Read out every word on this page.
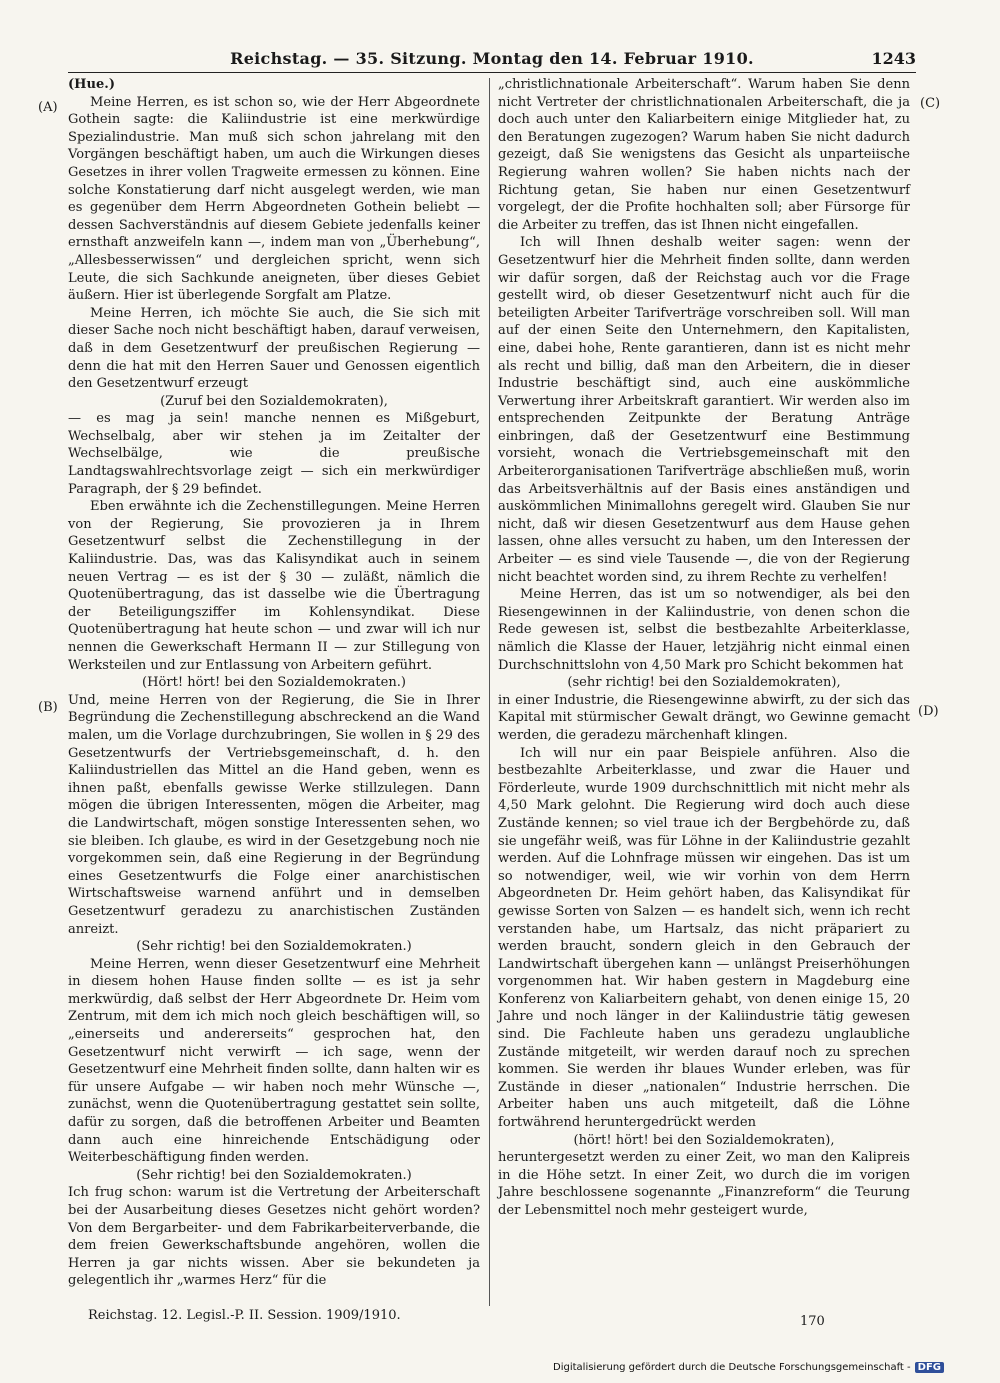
Reichstag. — 35. Sitzung. Montag den 14. Februar 1910.	1243
(A)
(B)
(C)
(D)

(Hue.)

Meine Herren, es ist schon so, wie der Herr Abgeordnete Gothein sagte: die Kaliindustrie ist eine merkwürdige Spezialindustrie. Man muß sich schon jahrelang mit den Vorgängen beschäftigt haben, um auch die Wirkungen dieses Gesetzes in ihrer vollen Tragweite ermessen zu können. Eine solche Konstatierung darf nicht ausgelegt werden, wie man es gegenüber dem Herrn Abgeordneten Gothein beliebt — dessen Sachverständnis auf diesem Gebiete jedenfalls keiner ernsthaft anzweifeln kann —, indem man von „Überhebung“, „Allesbesserwissen“ und dergleichen spricht, wenn sich Leute, die sich Sachkunde aneigneten, über dieses Gebiet äußern. Hier ist überlegende Sorgfalt am Platze.

Meine Herren, ich möchte Sie auch, die Sie sich mit dieser Sache noch nicht beschäftigt haben, darauf verweisen, daß in dem Gesetzentwurf der preußischen Regierung — denn die hat mit den Herren Sauer und Genossen eigentlich den Gesetzentwurf erzeugt

(Zuruf bei den Sozialdemokraten),

— es mag ja sein! manche nennen es Mißgeburt, Wechselbalg, aber wir stehen ja im Zeitalter der Wechselbälge, wie die preußische Landtagswahlrechtsvorlage zeigt — sich ein merkwürdiger Paragraph, der § 29 befindet.

Eben erwähnte ich die Zechenstillegungen. Meine Herren von der Regierung, Sie provozieren ja in Ihrem Gesetzentwurf selbst die Zechenstillegung in der Kaliindustrie. Das, was das Kalisyndikat auch in seinem neuen Vertrag — es ist der § 30 — zuläßt, nämlich die Quotenübertragung, das ist dasselbe wie die Übertragung der Beteiligungsziffer im Kohlensyndikat. Diese Quotenübertragung hat heute schon — und zwar will ich nur nennen die Gewerkschaft Hermann II — zur Stillegung von Werksteilen und zur Entlassung von Arbeitern geführt.

(Hört! hört! bei den Sozialdemokraten.)

Und, meine Herren von der Regierung, die Sie in Ihrer Begründung die Zechenstillegung abschreckend an die Wand malen, um die Vorlage durchzubringen, Sie wollen in § 29 des Gesetzentwurfs der Vertriebsgemeinschaft, d. h. den Kaliindustriellen das Mittel an die Hand geben, wenn es ihnen paßt, ebenfalls gewisse Werke stillzulegen. Dann mögen die übrigen Interessenten, mögen die Arbeiter, mag die Landwirtschaft, mögen sonstige Interessenten sehen, wo sie bleiben. Ich glaube, es wird in der Gesetzgebung noch nie vorgekommen sein, daß eine Regierung in der Begründung eines Gesetzentwurfs die Folge einer anarchistischen Wirtschaftsweise warnend anführt und in demselben Gesetzentwurf geradezu zu anarchistischen Zuständen anreizt.

(Sehr richtig! bei den Sozialdemokraten.)

Meine Herren, wenn dieser Gesetzentwurf eine Mehrheit in diesem hohen Hause finden sollte — es ist ja sehr merkwürdig, daß selbst der Herr Abgeordnete Dr. Heim vom Zentrum, mit dem ich mich noch gleich beschäftigen will, so „einerseits und andererseits“ gesprochen hat, den Gesetzentwurf nicht verwirft — ich sage, wenn der Gesetzentwurf eine Mehrheit finden sollte, dann halten wir es für unsere Aufgabe — wir haben noch mehr Wünsche —, zunächst, wenn die Quotenübertragung gestattet sein sollte, dafür zu sorgen, daß die betroffenen Arbeiter und Beamten dann auch eine hinreichende Entschädigung oder Weiterbeschäftigung finden werden.

(Sehr richtig! bei den Sozialdemokraten.)

Ich frug schon: warum ist die Vertretung der Arbeiterschaft bei der Ausarbeitung dieses Gesetzes nicht gehört worden? Von dem Bergarbeiter- und dem Fabrikarbeiterverbande, die dem freien Gewerkschaftsbunde angehören, wollen die Herren ja gar nichts wissen. Aber sie bekundeten ja gelegentlich ihr „warmes Herz“ für die

„christlichnationale Arbeiterschaft“. Warum haben Sie denn nicht Vertreter der christlichnationalen Arbeiterschaft, die ja doch auch unter den Kaliarbeitern einige Mitglieder hat, zu den Beratungen zugezogen? Warum haben Sie nicht dadurch gezeigt, daß Sie wenigstens das Gesicht als unparteiische Regierung wahren wollen? Sie haben nichts nach der Richtung getan, Sie haben nur einen Gesetzentwurf vorgelegt, der die Profite hochhalten soll; aber Fürsorge für die Arbeiter zu treffen, das ist Ihnen nicht eingefallen.

Ich will Ihnen deshalb weiter sagen: wenn der Gesetzentwurf hier die Mehrheit finden sollte, dann werden wir dafür sorgen, daß der Reichstag auch vor die Frage gestellt wird, ob dieser Gesetzentwurf nicht auch für die beteiligten Arbeiter Tarifverträge vorschreiben soll. Will man auf der einen Seite den Unternehmern, den Kapitalisten, eine, dabei hohe, Rente garantieren, dann ist es nicht mehr als recht und billig, daß man den Arbeitern, die in dieser Industrie beschäftigt sind, auch eine auskömmliche Verwertung ihrer Arbeitskraft garantiert. Wir werden also im entsprechenden Zeitpunkte der Beratung Anträge einbringen, daß der Gesetzentwurf eine Bestimmung vorsieht, wonach die Vertriebsgemeinschaft mit den Arbeiterorganisationen Tarifverträge abschließen muß, worin das Arbeitsverhältnis auf der Basis eines anständigen und auskömmlichen Minimallohns geregelt wird. Glauben Sie nur nicht, daß wir diesen Gesetzentwurf aus dem Hause gehen lassen, ohne alles versucht zu haben, um den Interessen der Arbeiter — es sind viele Tausende —, die von der Regierung nicht beachtet worden sind, zu ihrem Rechte zu verhelfen!

Meine Herren, das ist um so notwendiger, als bei den Riesengewinnen in der Kaliindustrie, von denen schon die Rede gewesen ist, selbst die bestbezahlte Arbeiterklasse, nämlich die Klasse der Hauer, letzjährig nicht einmal einen Durchschnittslohn von 4,50 Mark pro Schicht bekommen hat

(sehr richtig! bei den Sozialdemokraten),

in einer Industrie, die Riesengewinne abwirft, zu der sich das Kapital mit stürmischer Gewalt drängt, wo Gewinne gemacht werden, die geradezu märchenhaft klingen.

Ich will nur ein paar Beispiele anführen. Also die bestbezahlte Arbeiterklasse, und zwar die Hauer und Förderleute, wurde 1909 durchschnittlich mit nicht mehr als 4,50 Mark gelohnt. Die Regierung wird doch auch diese Zustände kennen; so viel traue ich der Bergbehörde zu, daß sie ungefähr weiß, was für Löhne in der Kaliindustrie gezahlt werden. Auf die Lohnfrage müssen wir eingehen. Das ist um so notwendiger, weil, wie wir vorhin von dem Herrn Abgeordneten Dr. Heim gehört haben, das Kalisyndikat für gewisse Sorten von Salzen — es handelt sich, wenn ich recht verstanden habe, um Hartsalz, das nicht präpariert zu werden braucht, sondern gleich in den Gebrauch der Landwirtschaft übergehen kann — unlängst Preiserhöhungen vorgenommen hat. Wir haben gestern in Magdeburg eine Konferenz von Kaliarbeitern gehabt, von denen einige 15, 20 Jahre und noch länger in der Kaliindustrie tätig gewesen sind. Die Fachleute haben uns geradezu unglaubliche Zustände mitgeteilt, wir werden darauf noch zu sprechen kommen. Sie werden ihr blaues Wunder erleben, was für Zustände in dieser „nationalen“ Industrie herrschen. Die Arbeiter haben uns auch mitgeteilt, daß die Löhne fortwährend heruntergedrückt werden

(hört! hört! bei den Sozialdemokraten),

heruntergesetzt werden zu einer Zeit, wo man den Kalipreis in die Höhe setzt. In einer Zeit, wo durch die im vorigen Jahre beschlossene sogenannte „Finanzreform“ die Teurung der Lebensmittel noch mehr gesteigert wurde,

Reichstag. 12. Legisl.-P. II. Session. 1909/1910.	170
Digitalisierung gefördert durch die Deutsche Forschungsgemeinschaft - DFG
